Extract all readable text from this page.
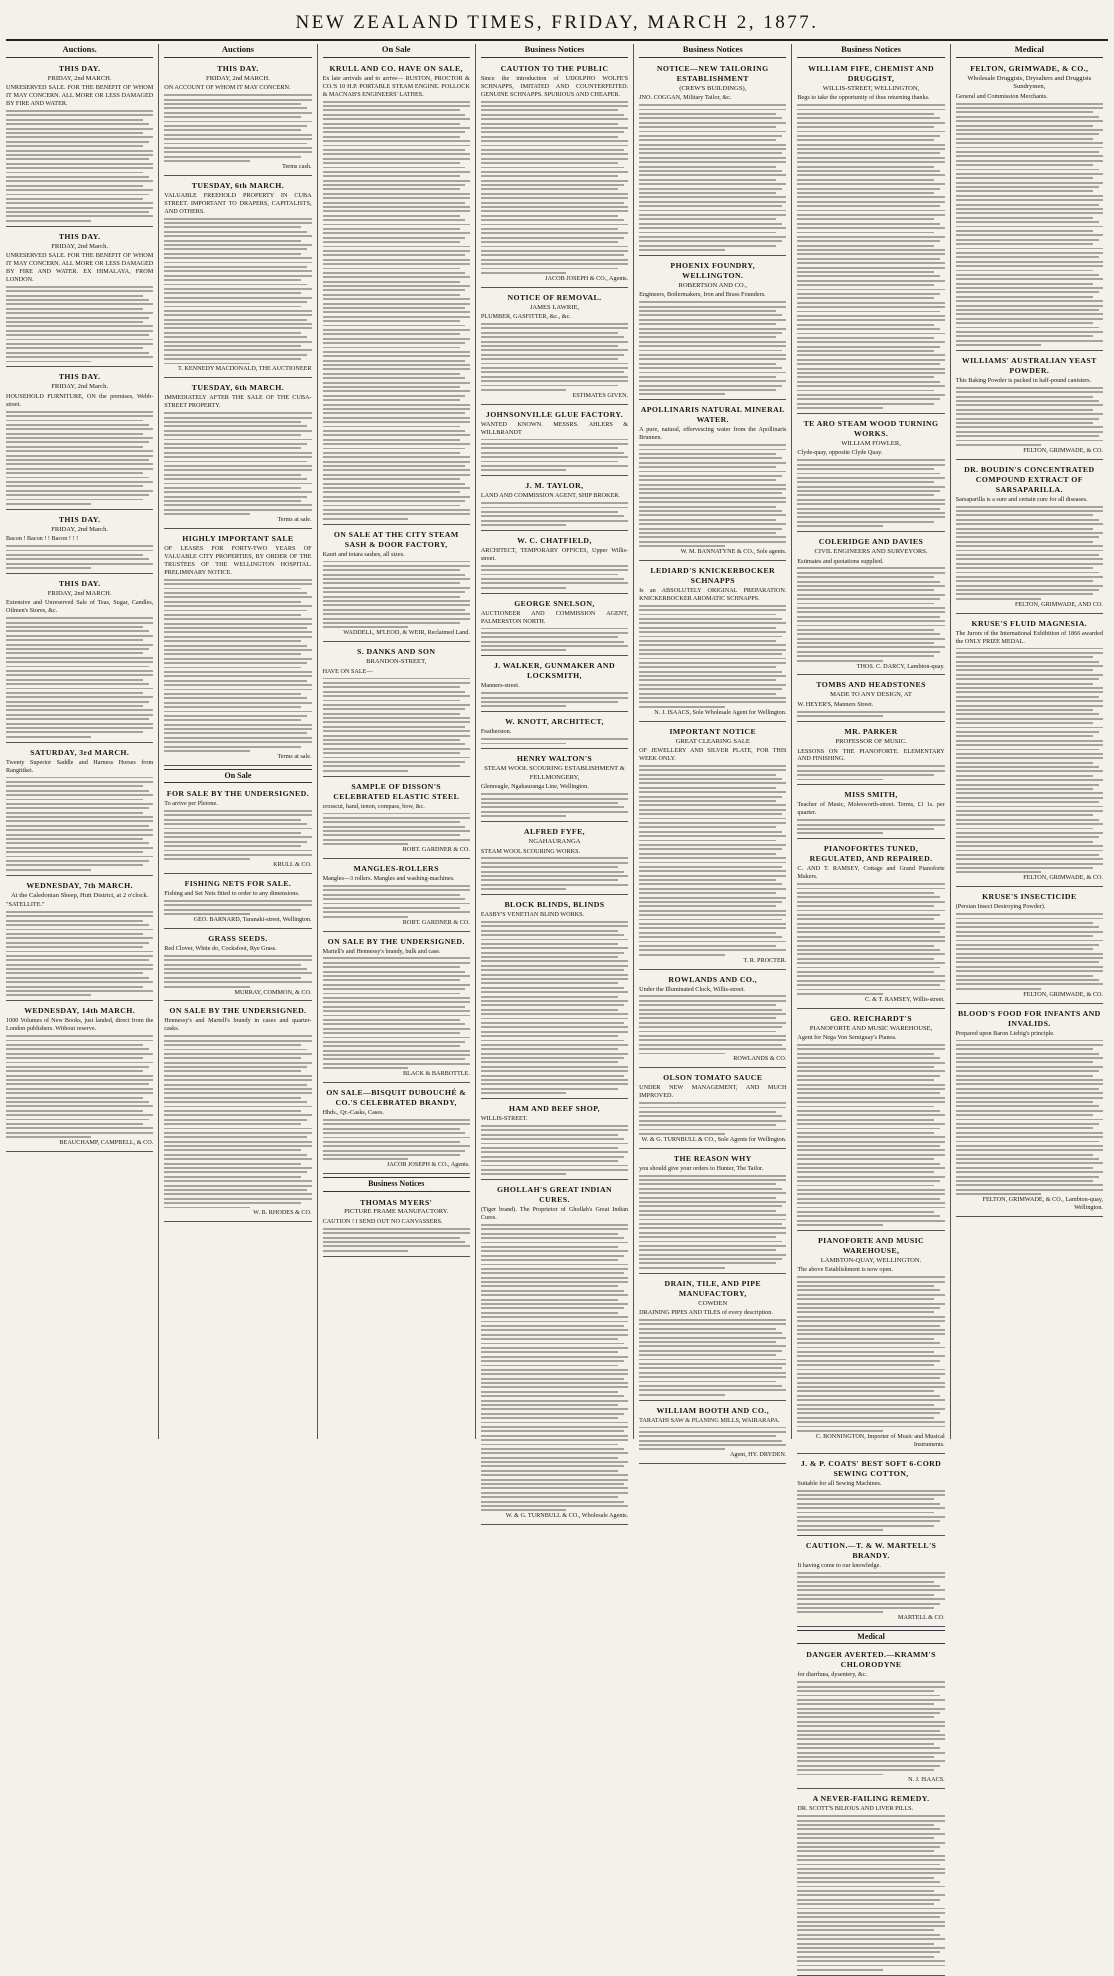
NEW ZEALAND TIMES, FRIDAY, MARCH 2, 1877.
Auctions.
THIS DAY.
FRIDAY, 2nd MARCH.
UNRESERVED SALE. FOR THE BENEFIT OF WHOM IT MAY CONCERN. ALL MORE OR LESS DAMAGED BY FIRE AND WATER.
THIS DAY.
FRIDAY, 2nd March.
UNRESERVED SALE. FOR THE BENEFIT OF WHOM IT MAY CONCERN. ALL MORE OR LESS DAMAGED BY FIRE AND WATER. EX HIMALAYA, FROM LONDON.
THIS DAY.
FRIDAY, 2nd March.
HOUSEHOLD FURNITURE, ON the premises, Webb-street.
THIS DAY.
FRIDAY, 2nd March.
Bacon ! Bacon ! ! Bacon ! ! !
THIS DAY.
FRIDAY, 2nd MARCH.
Extensive and Unreserved Sale of Teas, Sugar, Candles, Oilmen's Stores, &c.
SATURDAY, 3rd MARCH.
Twenty Superior Saddle and Harness Horses from Rangitikei.
WEDNESDAY, 7th MARCH.
At the Caledonian Sheep, Hutt District, at 2 o'clock.
"SATELLITE."
WEDNESDAY, 14th MARCH.
1000 Volumes of New Books, just landed, direct from the London publishers. Without reserve.
BEAUCHAMP, CAMPBELL, & CO.
Auctions
THIS DAY.
FRIDAY, 2nd MARCH.
ON ACCOUNT OF WHOM IT MAY CONCERN.
Terms cash.
TUESDAY, 6th MARCH.
VALUABLE FREEHOLD PROPERTY IN CUBA STREET. IMPORTANT TO DRAPERS, CAPITALISTS, AND OTHERS.
T. KENNEDY MACDONALD, THE AUCTIONEER
TUESDAY, 6th MARCH.
IMMEDIATELY AFTER THE SALE OF THE CUBA-STREET PROPERTY.
Terms at sale.
HIGHLY IMPORTANT SALE
OF LEASES FOR FORTY-TWO YEARS OF VALUABLE CITY PROPERTIES, BY ORDER OF THE TRUSTEES OF THE WELLINGTON HOSPITAL. PRELIMINARY NOTICE.
Terms at sale.
On Sale
FOR SALE BY THE UNDERSIGNED.
To arrive per Pleione.
KRULL & CO.
FISHING NETS FOR SALE.
Fishing and Set Nets fitted to order to any dimensions.
GEO. BARNARD, Taranaki-street, Wellington.
GRASS SEEDS.
Red Clover, White do, Cocksfoot, Rye Grass.
MURRAY, COMMON, & CO.
ON SALE BY THE UNDERSIGNED.
Hennessy's and Martell's brandy in cases and quarter-casks.
W. B. RHODES & CO.
On Sale
KRULL AND CO. HAVE ON SALE,
Ex late arrivals and to arrive— RUSTON, PROCTOR & CO.'S 10 H.P. PORTABLE STEAM ENGINE. POLLOCK & MACNAB'S ENGINEERS' LATHES.
ON SALE AT THE CITY STEAM SASH & DOOR FACTORY,
Kauri and totara sashes, all sizes.
WADDELL, M'LEOD, & WEIR, Reclaimed Land.
S. DANKS AND SON
BRANDON-STREET,
HAVE ON SALE—
SAMPLE OF DISSON'S CELEBRATED ELASTIC STEEL
crosscut, hand, tenon, compass, bow, &c.
ROBT. GARDNER & CO.
MANGLES-ROLLERS
Mangles—3 rollers. Mangles and washing-machines.
ROBT. GARDNER & CO.
ON SALE BY THE UNDERSIGNED.
Martell's and Hennessy's brandy, bulk and case.
BLACK & BARBOTTLE.
ON SALE—BISQUIT DUBOUCHÉ & CO.'S CELEBRATED BRANDY,
Hhds., Qr.-Casks, Cases.
JACOB JOSEPH & CO., Agents.
Business Notices
THOMAS MYERS'
PICTURE FRAME MANUFACTORY.
CAUTION ! I SEND OUT NO CANVASSERS.
Business Notices
CAUTION TO THE PUBLIC
Since the introduction of UDOLPHO WOLFE'S SCHNAPPS, IMITATED AND COUNTERFEITED. GENUINE SCHNAPPS. SPURIOUS AND CHEAPER.
JACOB JOSEPH & CO., Agents.
NOTICE OF REMOVAL.
JAMES LAWRIE,
PLUMBER, GASFITTER, &c., &c.
ESTIMATES GIVEN.
JOHNSONVILLE GLUE FACTORY.
WANTED KNOWN. MESSRS. AHLERS & WILLBRANDT
J. M. TAYLOR,
LAND AND COMMISSION AGENT, SHIP BROKER.
W. C. CHATFIELD,
ARCHITECT, TEMPORARY OFFICES, Upper Willis-street.
GEORGE SNELSON,
AUCTIONEER AND COMMISSION AGENT, PALMERSTON NORTH.
J. WALKER, GUNMAKER AND LOCKSMITH,
Manners-street.
W. KNOTT, ARCHITECT,
Featherston.
HENRY WALTON'S
STEAM WOOL SCOURING ESTABLISHMENT & FELLMONGERY,
Glenreagle, Ngahauranga Line, Wellington.
ALFRED FYFE,
NGAHAURANGA
STEAM WOOL SCOURING WORKS.
BLOCK BLINDS, BLINDS
EASBY'S VENETIAN BLIND WORKS.
HAM AND BEEF SHOP,
WILLIS-STREET.
GHOLLAH'S GREAT INDIAN CURES.
(Tiger brand). The Proprietor of Ghollah's Great Indian Cures.
W. & G. TURNBULL & CO., Wholesale Agents.
Business Notices
NOTICE—NEW TAILORING ESTABLISHMENT
(CREW'S BUILDINGS),
JNO. COGGAN, Military Tailor, &c.
PHOENIX FOUNDRY, WELLINGTON.
ROBERTSON AND CO.,
Engineers, Boilermakers, Iron and Brass Founders.
APOLLINARIS NATURAL MINERAL WATER.
A pure, natural, effervescing water from the Apollinaris Brunnen.
W. M. BANNATYNE & CO., Sole agents.
LEDIARD'S KNICKERBOCKER SCHNAPPS
Is an ABSOLUTELY ORIGINAL PREPARATION. KNICKERBOCKER AROMATIC SCHNAPPS.
N. J. ISAACS, Sole Wholesale Agent for Wellington.
IMPORTANT NOTICE
GREAT CLEARING SALE
OF JEWELLERY AND SILVER PLATE, FOR THIS WEEK ONLY.
T. R. PROCTER.
ROWLANDS AND CO.,
Under the Illuminated Clock, Willis-street.
ROWLANDS & CO.
OLSON TOMATO SAUCE
UNDER NEW MANAGEMENT, AND MUCH IMPROVED.
W. & G. TURNBULL & CO., Sole Agents for Wellington.
THE REASON WHY
you should give your orders to Hunter, The Tailor.
DRAIN, TILE, AND PIPE MANUFACTORY,
COWDEN
DRAINING PIPES AND TILES of every description.
WILLIAM BOOTH AND CO.,
TARATAHI SAW & PLANING MILLS, WAIRARAPA.
Agent, HY. DRYDEN.
Business Notices
WILLIAM FIFE, CHEMIST AND DRUGGIST,
WILLIS-STREET, WELLINGTON,
Begs to take the opportunity of thus returning thanks.
TE ARO STEAM WOOD TURNING WORKS.
WILLIAM FOWLER,
Clyde-quay, opposite Clyde Quay.
COLERIDGE AND DAVIES
CIVIL ENGINEERS AND SURVEYORS.
Estimates and quotations supplied.
THOS. C. DARCY, Lambton-quay.
TOMBS AND HEADSTONES
MADE TO ANY DESIGN, AT
W. HEYER'S, Manners Street.
MR. PARKER
PROFESSOR OF MUSIC.
LESSONS ON THE PIANOFORTE. ELEMENTARY AND FINISHING.
MISS SMITH,
Teacher of Music, Molesworth-street. Terms, £1 1s. per quarter.
PIANOFORTES TUNED, REGULATED, AND REPAIRED.
C. AND T. RAMSEY, Cottage and Grand Pianoforte Makers.
C. & T. RAMSEY, Willis-street.
GEO. REICHARDT'S
PIANOFORTE AND MUSIC WAREHOUSE,
Agent for Nega Von Semiguay's Pianos.
PIANOFORTE AND MUSIC WAREHOUSE,
LAMBTON-QUAY, WELLINGTON.
The above Establishment is now open.
C. BONNINGTON, Importer of Music and Musical Instruments.
J. & P. COATS' BEST SOFT 6-CORD SEWING COTTON,
Suitable for all Sewing Machines.
CAUTION.—T. & W. MARTELL'S BRANDY.
It having come to our knowledge.
MARTELL & CO.
Medical
DANGER AVERTED.—KRAMM'S CHLORODYNE
for diarrhœa, dysentery, &c.
N. J. ISAACS.
A NEVER-FAILING REMEDY.
DR. SCOTT'S BILIOUS AND LIVER PILLS.
Medical
FELTON, GRIMWADE, & CO.,
Wholesale Druggists, Drysalters and Druggists Sundrymen,
General and Commission Merchants.
WILLIAMS' AUSTRALIAN YEAST POWDER.
This Baking Powder is packed in half-pound canisters.
FELTON, GRIMWADE, & CO.
DR. BOUDIN'S CONCENTRATED COMPOUND EXTRACT OF SARSAPARILLA.
Sarsaparilla is a sure and certain cure for all diseases.
FELTON, GRIMWADE, AND CO.
KRUSE'S FLUID MAGNESIA.
The Jurors of the International Exhibition of 1866 awarded the ONLY PRIZE MEDAL.
FELTON, GRIMWADE, & CO.
KRUSE'S INSECTICIDE
(Persian Insect Destroying Powder).
FELTON, GRIMWADE, & CO.
BLOOD'S FOOD FOR INFANTS AND INVALIDS.
Prepared upon Baron Liebig's principle.
FELTON, GRIMWADE, & CO., Lambton-quay, Wellington.
